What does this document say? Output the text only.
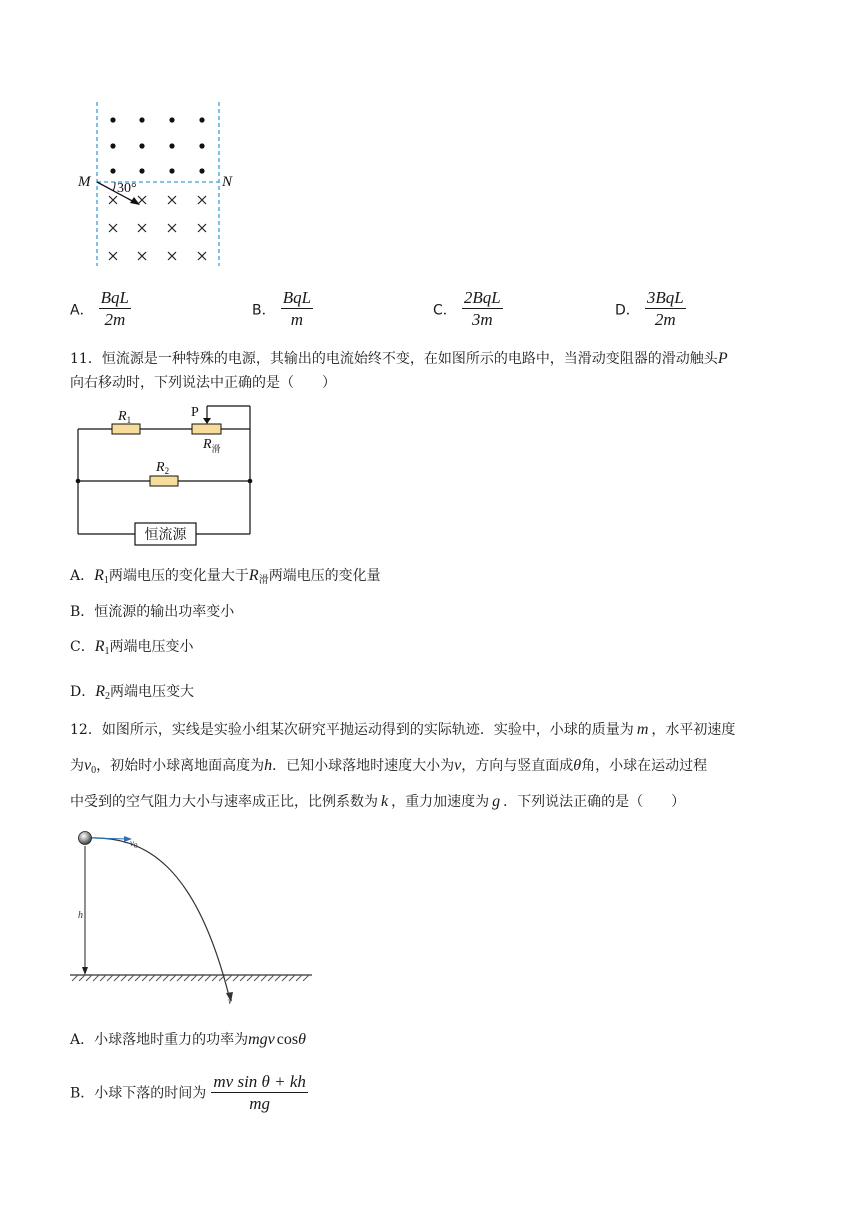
30°
M	N
A． $\frac{\text{BqL}}{2m}$	B． $\frac{\text{BqL}}{m}$	C． $\frac{\text{2BqL}}{3m}$	D． $\frac{\text{3BqL}}{2m}$
11．恒流源是一种特殊的电源，其输出的电流始终不变，在如图所示的电路中，当滑动变阻器的滑动触头P
向右移动时，下列说法中正确的是（　　）
$R_1$	P
$R_滑$
$R_2$
恒流源
A．$R_1$两端电压的变化量大于$R_滑$两端电压的变化量
B．恒流源的输出功率变小
C．$R_1$两端电压变小
D．$R_2$两端电压变大
12．如图所示，实线是实验小组某次研究平抛运动得到的实际轨迹．实验中，小球的质量为 m ，水平初速度
为$v_0$，初始时小球离地面高度为h．已知小球落地时速度大小为v，方向与竖直面成θ角，小球在运动过程
中受到的空气阻力大小与速率成正比，比例系数为 k ，重力加速度为 g ．下列说法正确的是（　　）
$v_0$
h
v
A．小球落地时重力的功率为mgv cosθ
B．小球下落的时间为 $\frac{\text{mv sin θ + kh}}{mg}$
